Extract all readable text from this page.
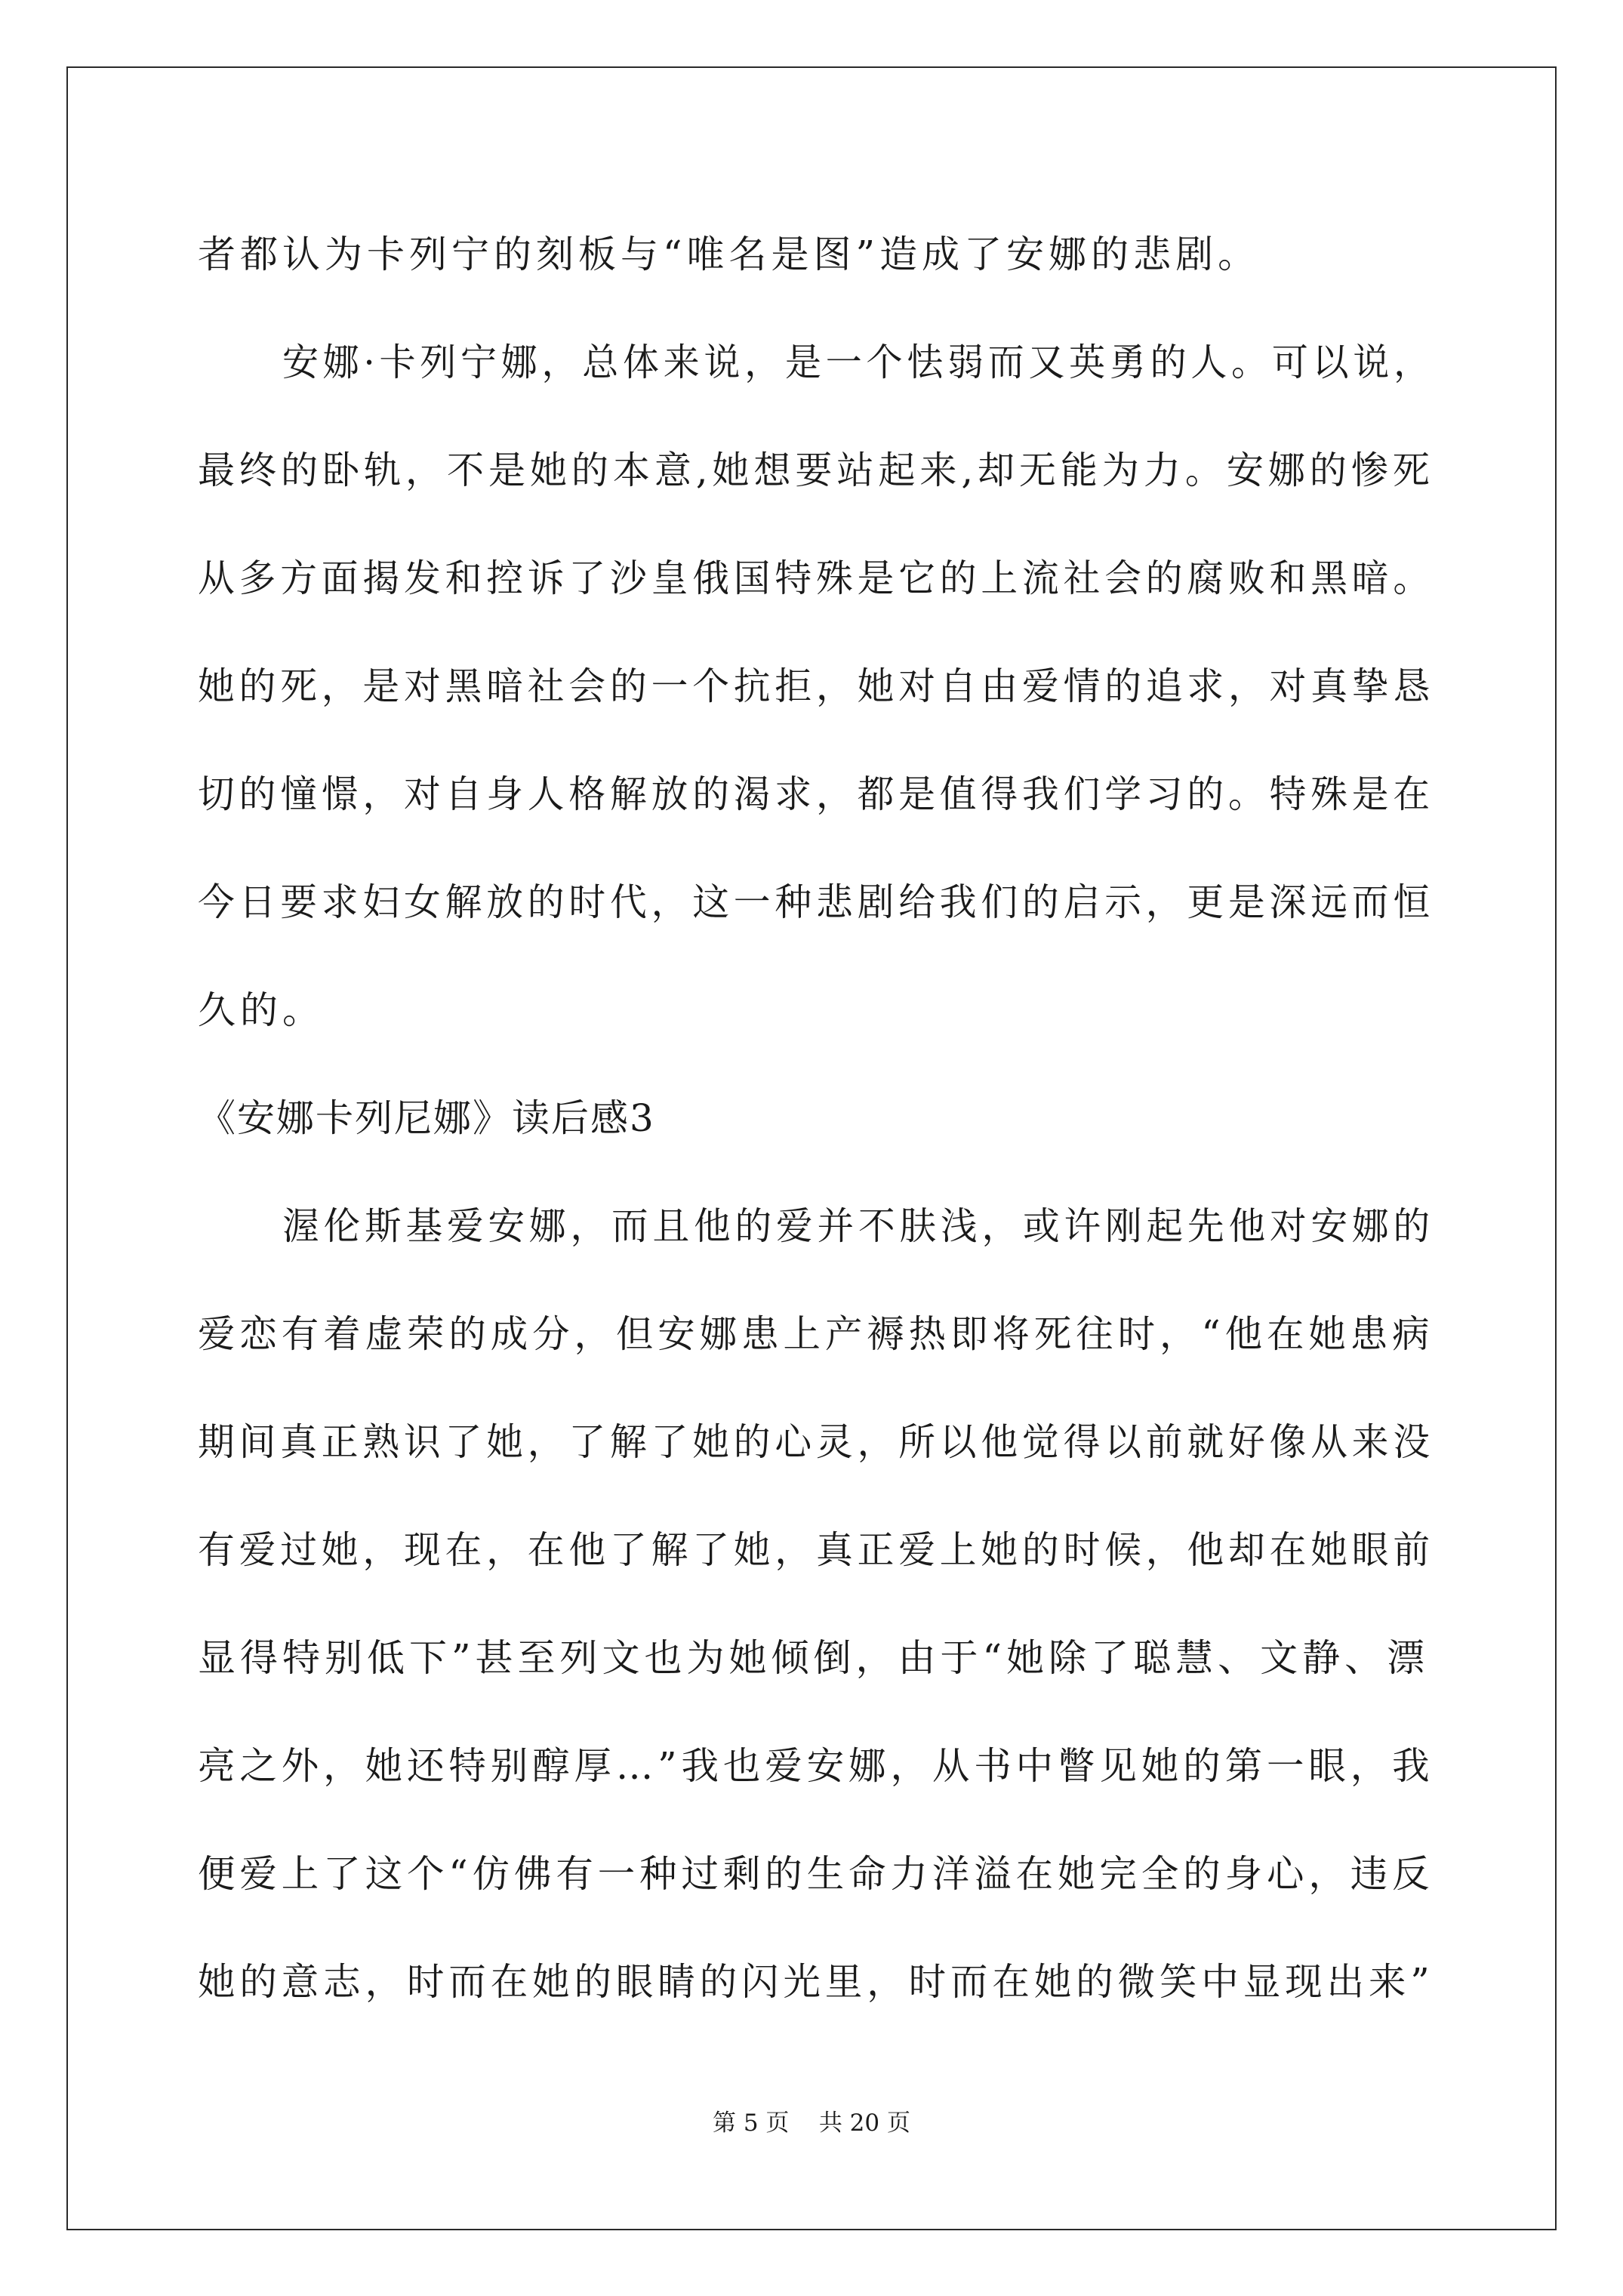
者都认为卡列宁的刻板与“唯名是图”造成了安娜的悲剧。
安娜·卡列宁娜，总体来说，是一个怯弱而又英勇的人。可以说，
最终的卧轨，不是她的本意,她想要站起来,却无能为力。安娜的惨死
从多方面揭发和控诉了沙皇俄国特殊是它的上流社会的腐败和黑暗。
她的死，是对黑暗社会的一个抗拒，她对自由爱情的追求，对真挚恳
切的憧憬，对自身人格解放的渴求，都是值得我们学习的。特殊是在
今日要求妇女解放的时代，这一种悲剧给我们的启示，更是深远而恒
久的。
《安娜卡列尼娜》读后感3
渥伦斯基爱安娜，而且他的爱并不肤浅，或许刚起先他对安娜的
爱恋有着虚荣的成分，但安娜患上产褥热即将死往时，“他在她患病
期间真正熟识了她，了解了她的心灵，所以他觉得以前就好像从来没
有爱过她，现在，在他了解了她，真正爱上她的时候，他却在她眼前
显得特别低下”甚至列文也为她倾倒，由于“她除了聪慧、文静、漂
亮之外，她还特别醇厚…”我也爱安娜，从书中瞥见她的第一眼，我
便爱上了这个“仿佛有一种过剩的生命力洋溢在她完全的身心，违反
她的意志，时而在她的眼睛的闪光里，时而在她的微笑中显现出来”
第 5 页    共 20 页
